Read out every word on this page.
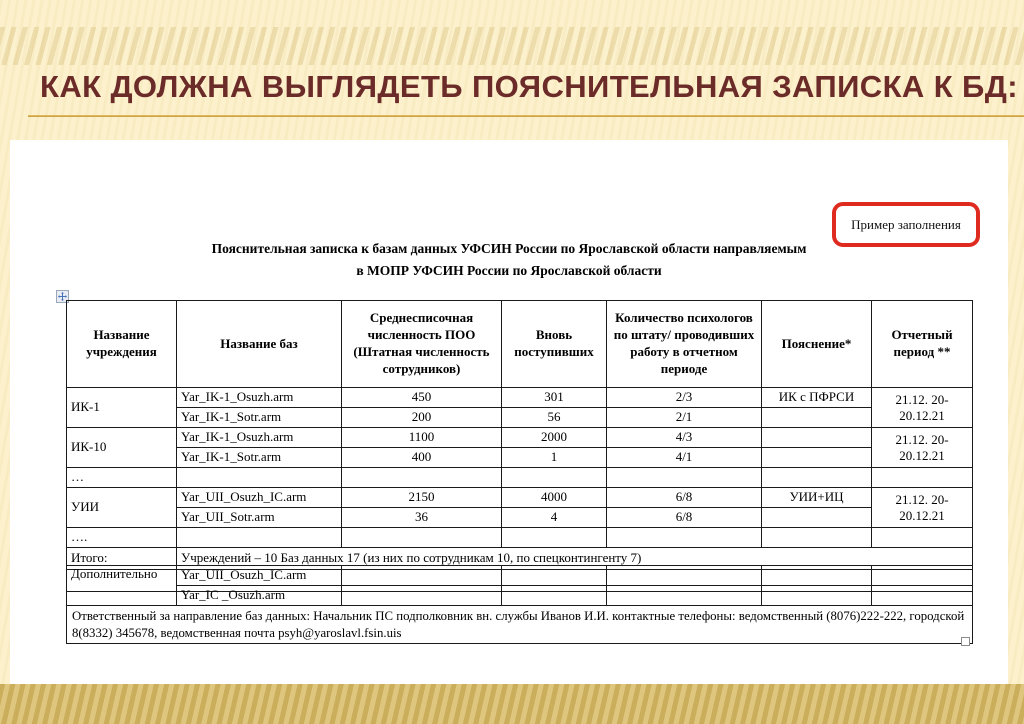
КАК ДОЛЖНА ВЫГЛЯДЕТЬ ПОЯСНИТЕЛЬНАЯ ЗАПИСКА К БД:
Пример заполнения
Пояснительная записка к базам данных УФСИН России по Ярославской области направляемым
в МОПР УФСИН России по Ярославской области
Название учреждения	Название баз	Среднесписочная численность ПОО (Штатная численность сотрудников)	Вновь поступивших	Количество психологов по штату/ проводивших работу в отчетном периоде	Пояснение*	Отчетный период **
ИК-1	Yar_IK-1_Osuzh.arm	450	301	2/3	ИК с ПФРСИ	21.12. 20- 20.12.21
	Yar_IK-1_Sotr.arm	200	56	2/1		
ИК-10	Yar_IK-1_Osuzh.arm	1100	2000	4/3		21.12. 20- 20.12.21
	Yar_IK-1_Sotr.arm	400	1	4/1		
…						
УИИ	Yar_UII_Osuzh_IC.arm	2150	4000	6/8	УИИ+ИЦ	21.12. 20- 20.12.21
	Yar_UII_Sotr.arm	36	4	6/8		
….						
Итого:	Учреждений – 10 Баз данных 17 (из них по сотрудникам 10, по спецконтингенту 7)					

Дополнительно	Yar_UII_Osuzh_IC.arm					
	Yar_IC _Osuzh.arm					
Ответственный за направление баз данных: Начальник ПС подполковник вн. службы Иванов И.И. контактные телефоны: ведомственный (8076)222-222, городской 8(8332) 345678, ведомственная почта psyh@yaroslavl.fsin.uis						
